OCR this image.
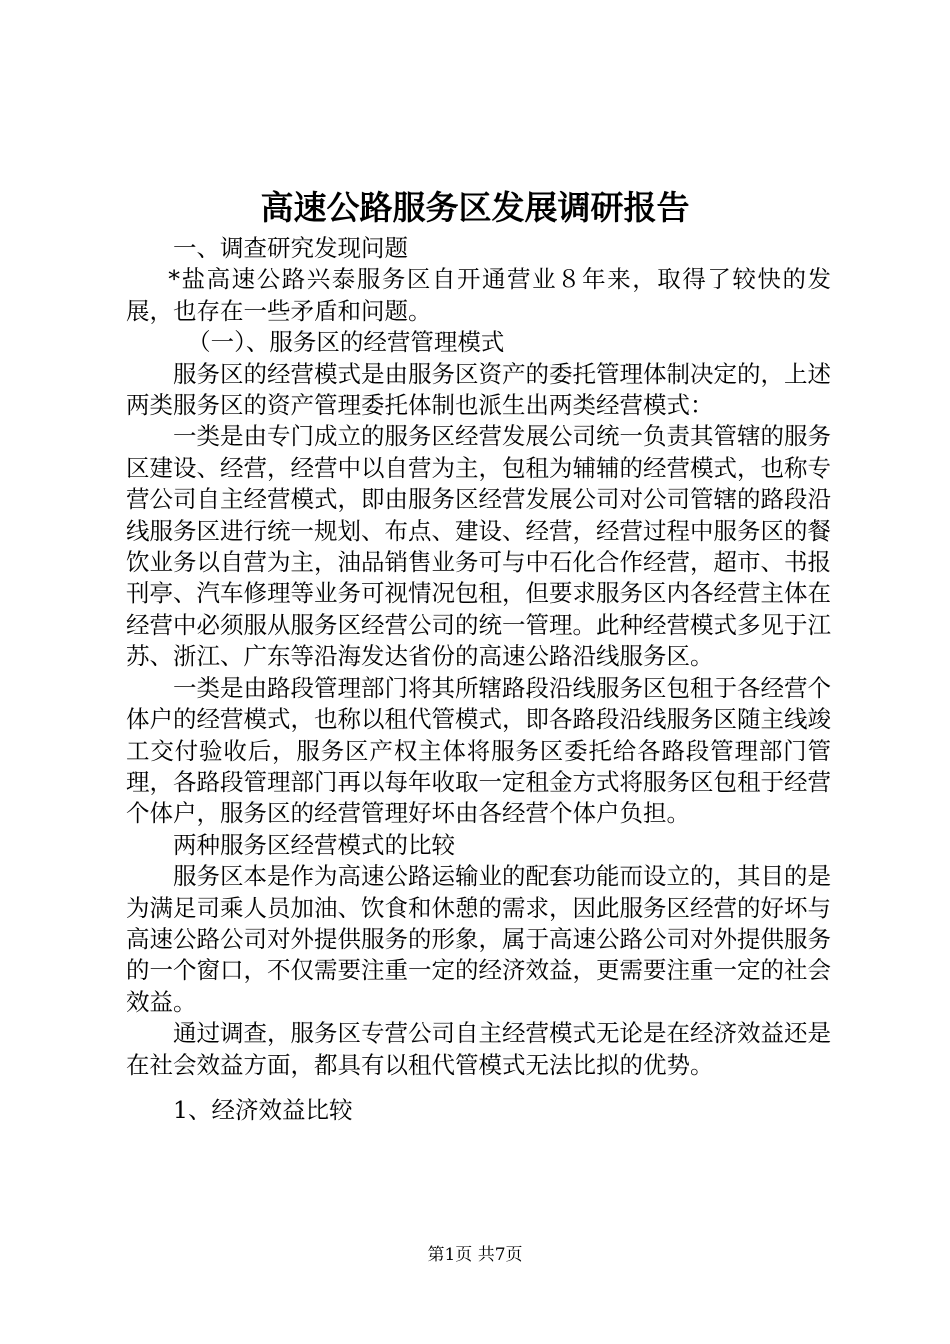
高速公路服务区发展调研报告

一、调查研究发现问题

*盐高速公路兴泰服务区自开通营业８年来，取得了较快的发展，也存在一些矛盾和问题。

（一）、服务区的经营管理模式

服务区的经营模式是由服务区资产的委托管理体制决定的，上述两类服务区的资产管理委托体制也派生出两类经营模式：

一类是由专门成立的服务区经营发展公司统一负责其管辖的服务区建设、经营，经营中以自营为主，包租为辅辅的经营模式，也称专营公司自主经营模式，即由服务区经营发展公司对公司管辖的路段沿线服务区进行统一规划、布点、建设、经营，经营过程中服务区的餐饮业务以自营为主，油品销售业务可与中石化合作经营，超市、书报刊亭、汽车修理等业务可视情况包租，但要求服务区内各经营主体在经营中必须服从服务区经营公司的统一管理。此种经营模式多见于江苏、浙江、广东等沿海发达省份的高速公路沿线服务区。

一类是由路段管理部门将其所辖路段沿线服务区包租于各经营个体户的经营模式，也称以租代管模式，即各路段沿线服务区随主线竣工交付验收后，服务区产权主体将服务区委托给各路段管理部门管理，各路段管理部门再以每年收取一定租金方式将服务区包租于经营个体户，服务区的经营管理好坏由各经营个体户负担。

两种服务区经营模式的比较

服务区本是作为高速公路运输业的配套功能而设立的，其目的是为满足司乘人员加油、饮食和休憩的需求，因此服务区经营的好坏与高速公路公司对外提供服务的形象，属于高速公路公司对外提供服务的一个窗口，不仅需要注重一定的经济效益，更需要注重一定的社会效益。

通过调查，服务区专营公司自主经营模式无论是在经济效益还是在社会效益方面，都具有以租代管模式无法比拟的优势。

1、经济效益比较

第1页 共7页
